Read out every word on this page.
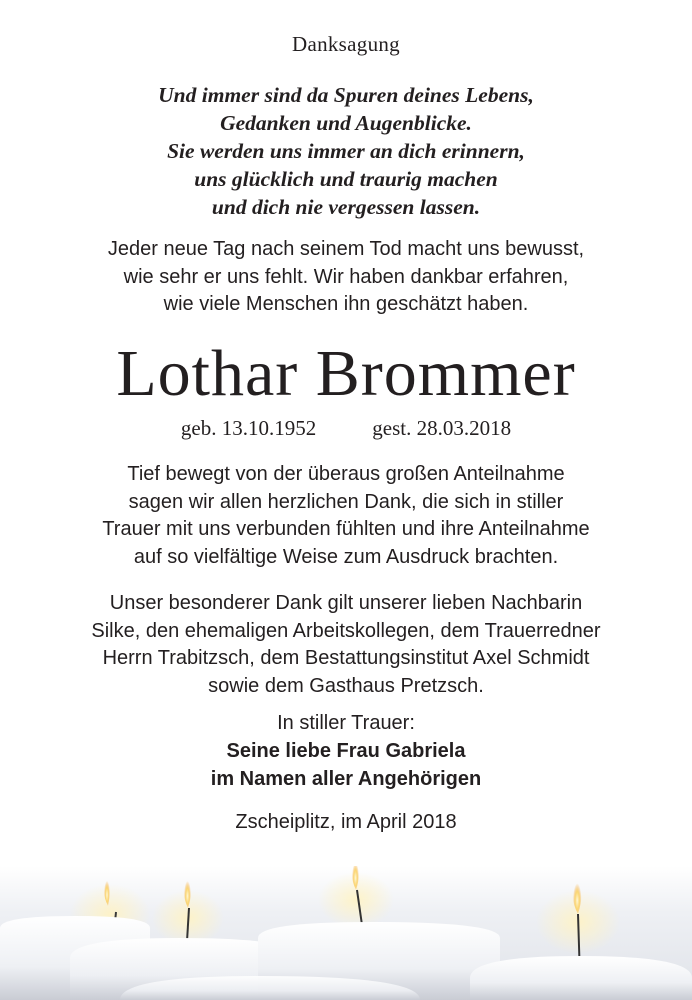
Danksagung
Und immer sind da Spuren deines Lebens,
Gedanken und Augenblicke.
Sie werden uns immer an dich erinnern,
uns glücklich und traurig machen
und dich nie vergessen lassen.
Jeder neue Tag nach seinem Tod macht uns bewusst,
wie sehr er uns fehlt. Wir haben dankbar erfahren,
wie viele Menschen ihn geschätzt haben.
Lothar Brommer
geb. 13.10.1952	gest. 28.03.2018
Tief bewegt von der überaus großen Anteilnahme
sagen wir allen herzlichen Dank, die sich in stiller
Trauer mit uns verbunden fühlten und ihre Anteilnahme
auf so vielfältige Weise zum Ausdruck brachten.
Unser besonderer Dank gilt unserer lieben Nachbarin
Silke, den ehemaligen Arbeitskollegen, dem Trauerredner
Herrn Trabitzsch, dem Bestattungsinstitut Axel Schmidt
sowie dem Gasthaus Pretzsch.
In stiller Trauer:
Seine liebe Frau Gabriela
im Namen aller Angehörigen
Zscheiplitz, im April 2018
